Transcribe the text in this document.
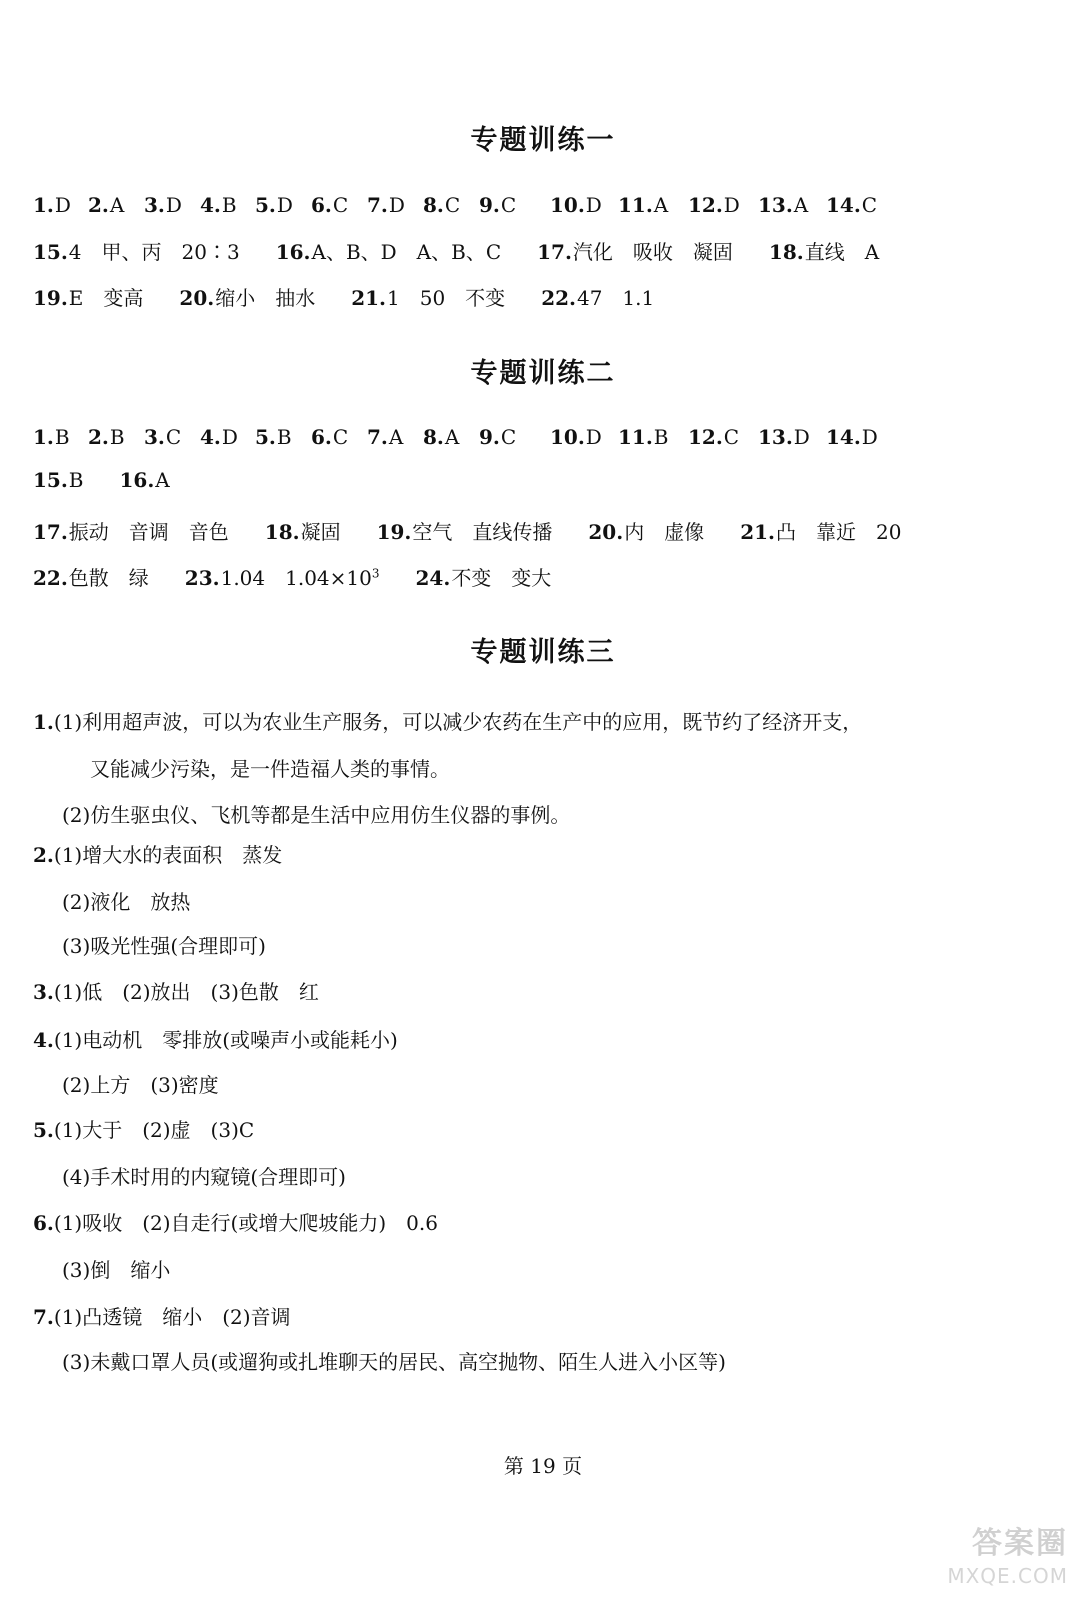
专题训练一
1.D 2.A 3.D 4.B 5.D 6.C 7.D 8.C 9.C 10.D 11.A 12.D 13.A 14.C
15.4　甲、丙　20∶3 16.A、B、D　A、B、C 17.汽化　吸收　凝固 18.直线　A
19.E　变高 20.缩小　抽水 21.1　50　不变 22.47　1.1
专题训练二
1.B 2.B 3.C 4.D 5.B 6.C 7.A 8.A 9.C 10.D 11.B 12.C 13.D 14.D
15.B 16.A
17.振动　音调　音色 18.凝固 19.空气　直线传播 20.内　虚像 21.凸　靠近　20
22.色散　绿 23.1.04　$1.04\times 10^3$ 24.不变　变大
专题训练三
1.(1)利用超声波，可以为农业生产服务，可以减少农药在生产中的应用，既节约了经济开支，
又能减少污染，是一件造福人类的事情。
(2)仿生驱虫仪、飞机等都是生活中应用仿生仪器的事例。
2.(1)增大水的表面积　蒸发
(2)液化　放热
(3)吸光性强(合理即可)
3.(1)低　(2)放出　(3)色散　红
4.(1)电动机　零排放(或噪声小或能耗小)
(2)上方　(3)密度
5.(1)大于　(2)虚　(3)C
(4)手术时用的内窥镜(合理即可)
6.(1)吸收　(2)自走行(或增大爬坡能力)　0.6
(3)倒　缩小
7.(1)凸透镜　缩小　(2)音调
(3)未戴口罩人员(或遛狗或扎堆聊天的居民、高空抛物、陌生人进入小区等)
第 19 页
答案圈
MXQE.COM
